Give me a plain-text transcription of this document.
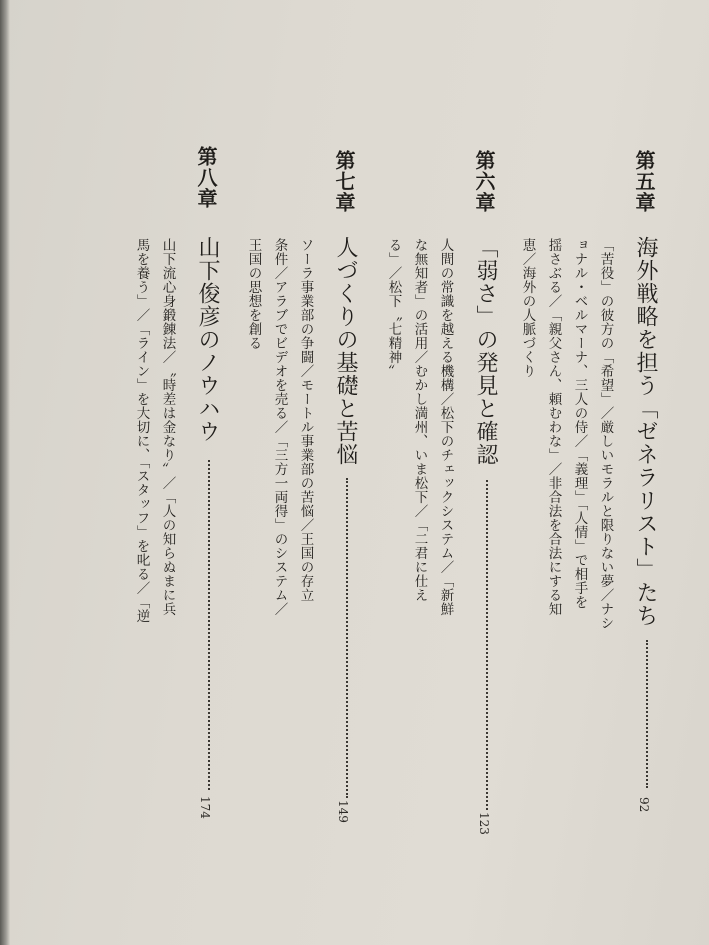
第五章
海外戦略を担う「ゼネラリスト」たち
92
「苦役」の彼方の「希望」／厳しいモラルと限りない夢／ナシ
ョナル・ベルマーナ、三人の侍／「義理」「人情」で相手を
揺さぶる／「親父さん、頼むわな」／非合法を合法にする知
恵／海外の人脈づくり
第六章
「弱さ」の発見と確認
123
人間の常識を越える機構／松下のチェックシステム／「新鮮
な無知者」の活用／むかし満州、いま松下／「二君に仕え
る」／松下〝七精神〟
第七章
人づくりの基礎と苦悩
149
ソーラ事業部の争闘／モートル事業部の苦悩／王国の存立
条件／アラブでビデオを売る／「三方一両得」のシステム／
王国の思想を創る
第八章
山下俊彦のノウハウ
174
山下流心身鍛錬法／〝時差は金なり〟／「人の知らぬまに兵
馬を養う」／「ライン」を大切に、「スタッフ」を叱る／「逆
